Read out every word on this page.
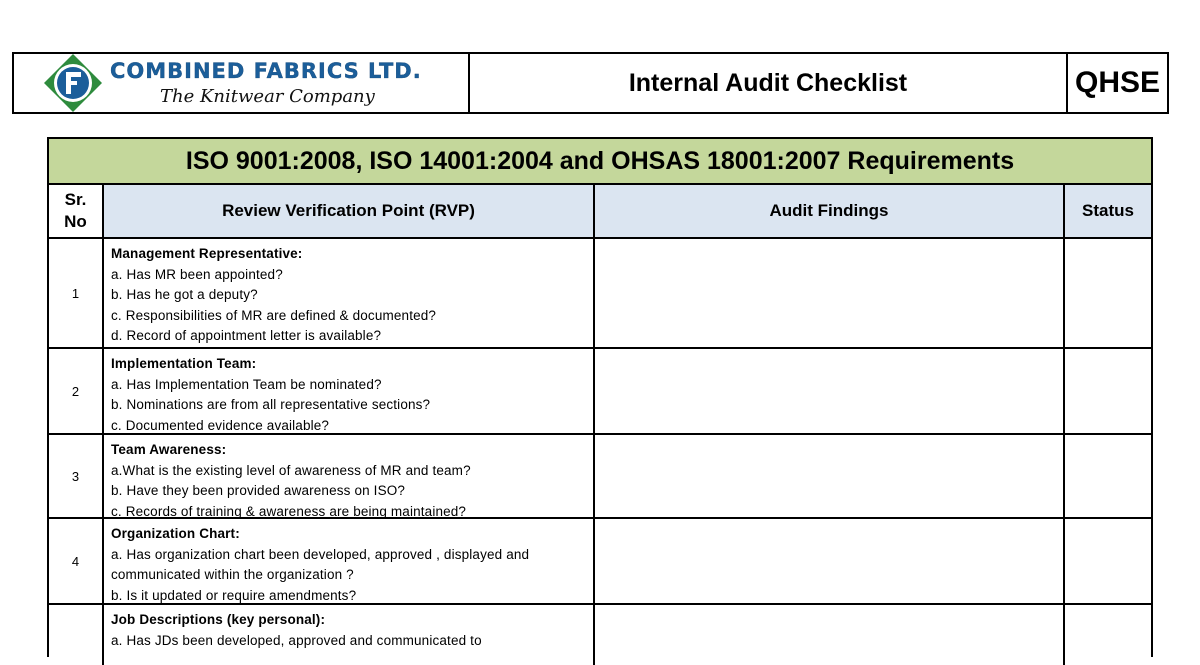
COMBINED FABRICS LTD.
The Knitwear Company	Internal Audit Checklist	QHSE
ISO 9001:2008, ISO 14001:2004 and OHSAS 18001:2007 Requirements
Sr.
No
Review Verification Point (RVP)	Audit Findings	Status
1
Management Representative:
a. Has MR been appointed?
b. Has he got a deputy?
c. Responsibilities of MR are defined & documented?
d. Record of appointment letter is available?
2
Implementation Team:
a. Has Implementation Team be nominated?
b. Nominations are from all representative sections?
c. Documented evidence available?
3
Team Awareness:
a.What is the existing level of awareness of MR and team?
b. Have they been provided awareness on ISO?
c. Records of training & awareness are being maintained?
4
Organization Chart:
a. Has organization chart been developed, approved , displayed and
communicated within the organization ?
b. Is it updated or require amendments?
Job Descriptions (key personal):
a. Has JDs been developed, approved and communicated to
